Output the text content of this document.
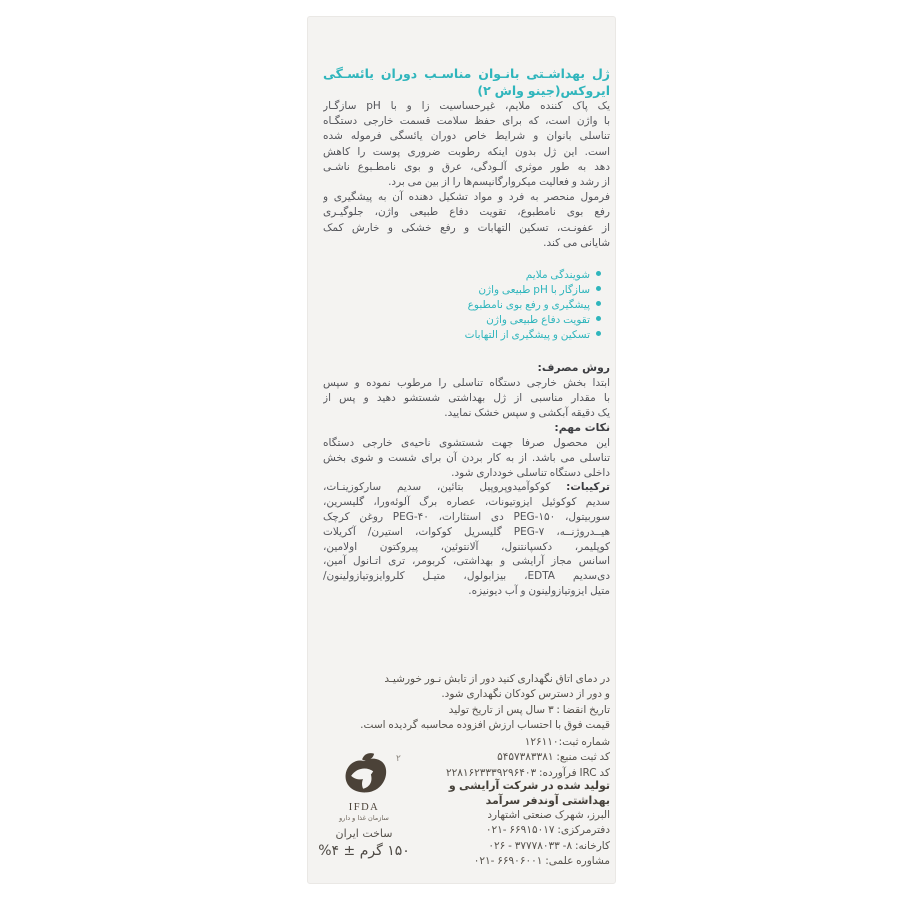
ژل بهداشـتی بانـوان مناسـب دوران یائسـگی
ایروکس(جینو واش ۲)
یک پاک کننده ملایم، غیرحساسیت زا و با pH سازگـار
با واژن است، که برای حفظ سلامت قسمت خارجی دستگـاه
تناسلی بانوان و شرایط خاص دوران یائسگی فرموله شده
است. این ژل بدون اینکه رطوبت ضروری پوست را کاهش
دهد به طور موثری آلـودگی، عرق و بوی نامطـبوع ناشـی
از رشد و فعالیت میکروارگانیسم‌ها را از بین می برد.
فرمول منحصر به فرد و مواد تشکیل دهنده آن به پیشگیری و
رفع بوی نامطبوع، تقویت دفاع طبیعی واژن، جلوگیـری
از عفونـت، تسکین التهابات و رفع خشکی و خارش کمک
شایانی می کند.
شویندگی ملایم
سازگار با pH طبیعی واژن
پیشگیری و رفع بوی نامطبوع
تقویت دفاع طبیعی واژن
تسکین و پیشگیری از التهابات
روش مصرف:
ابتدا بخش خارجی دستگاه تناسلی را مرطوب نموده و سپس
با مقدار مناسبی از ژل بهداشتی شستشو دهید و پس از
یک دقیقه آبکشی و سپس خشک نمایید.
نکات مهم:
این محصول صرفا جهت شستشوی ناحیه‌ی خارجی دستگاه
تناسلی می باشد. از به کار بردن آن برای شست و شوی بخش
داخلی دستگاه تناسلی خودداری شود.
ترکیبات: کوکوآمیدوپروپیل بتائین، سدیم سارکوزینـات،
سدیم کوکوئیل ایزوتیونات، عصاره برگ آلوئه‌ورا، گلیسرین،
سوربیتول، ‪PEG-۱۵۰‬ دی استئارات، ‪PEG-۴۰‬ روغن کرچک
هیــدروژنــه، ‪PEG-۷‬ گلیسریل کوکوات، استیرن/ آکریلات
کوپلیمر، دکسپانتنول، آلانتوئین، پیروکتون اولامین،
اسانس مجاز آرایشی و بهداشتی، کربومر، تری اتـانول آمین،
دی‌سدیم EDTA، بیزابولول، متیـل کلروایزوتیازولینون/
متیل ایزوتیازولینون و آب دیونیزه.
در دمای اتاق نگهداری کنید دور از تابش نـور خورشیـد
و دور از دسترس کودکان نگهداری شود.
تاریخ انقضا : ۳ سال پس از تاریخ تولید
قیمت فوق با احتساب ارزش افزوده محاسبه گردیده است.
شماره ثبت:۱۲۶۱۱۰
کد ثبت منبع: ۵۴۵۷۳۸۳۳۸۱
کد IRC فرآورده: ۲۲۸۱۶۲۳۳۳۹۲۹۶۴۰۳
تولید شده در شرکت آرایشی و
بهداشتی آوندفر سرآمد
البرز، شهرک صنعتی اشتهارد
دفترمرکزی: ۶۶۹۱۵۰۱۷ -۰۲۱
کارخانه: ۸- ۳۷۷۷۸۰۳۳ - ۰۲۶
مشاوره علمی: ۶۶۹۰۶۰۰۱ -۰۲۱
IFDA
سازمان غذا و دارو
ساخت ایران
۱۵۰ گرم ± ۴%
۲
